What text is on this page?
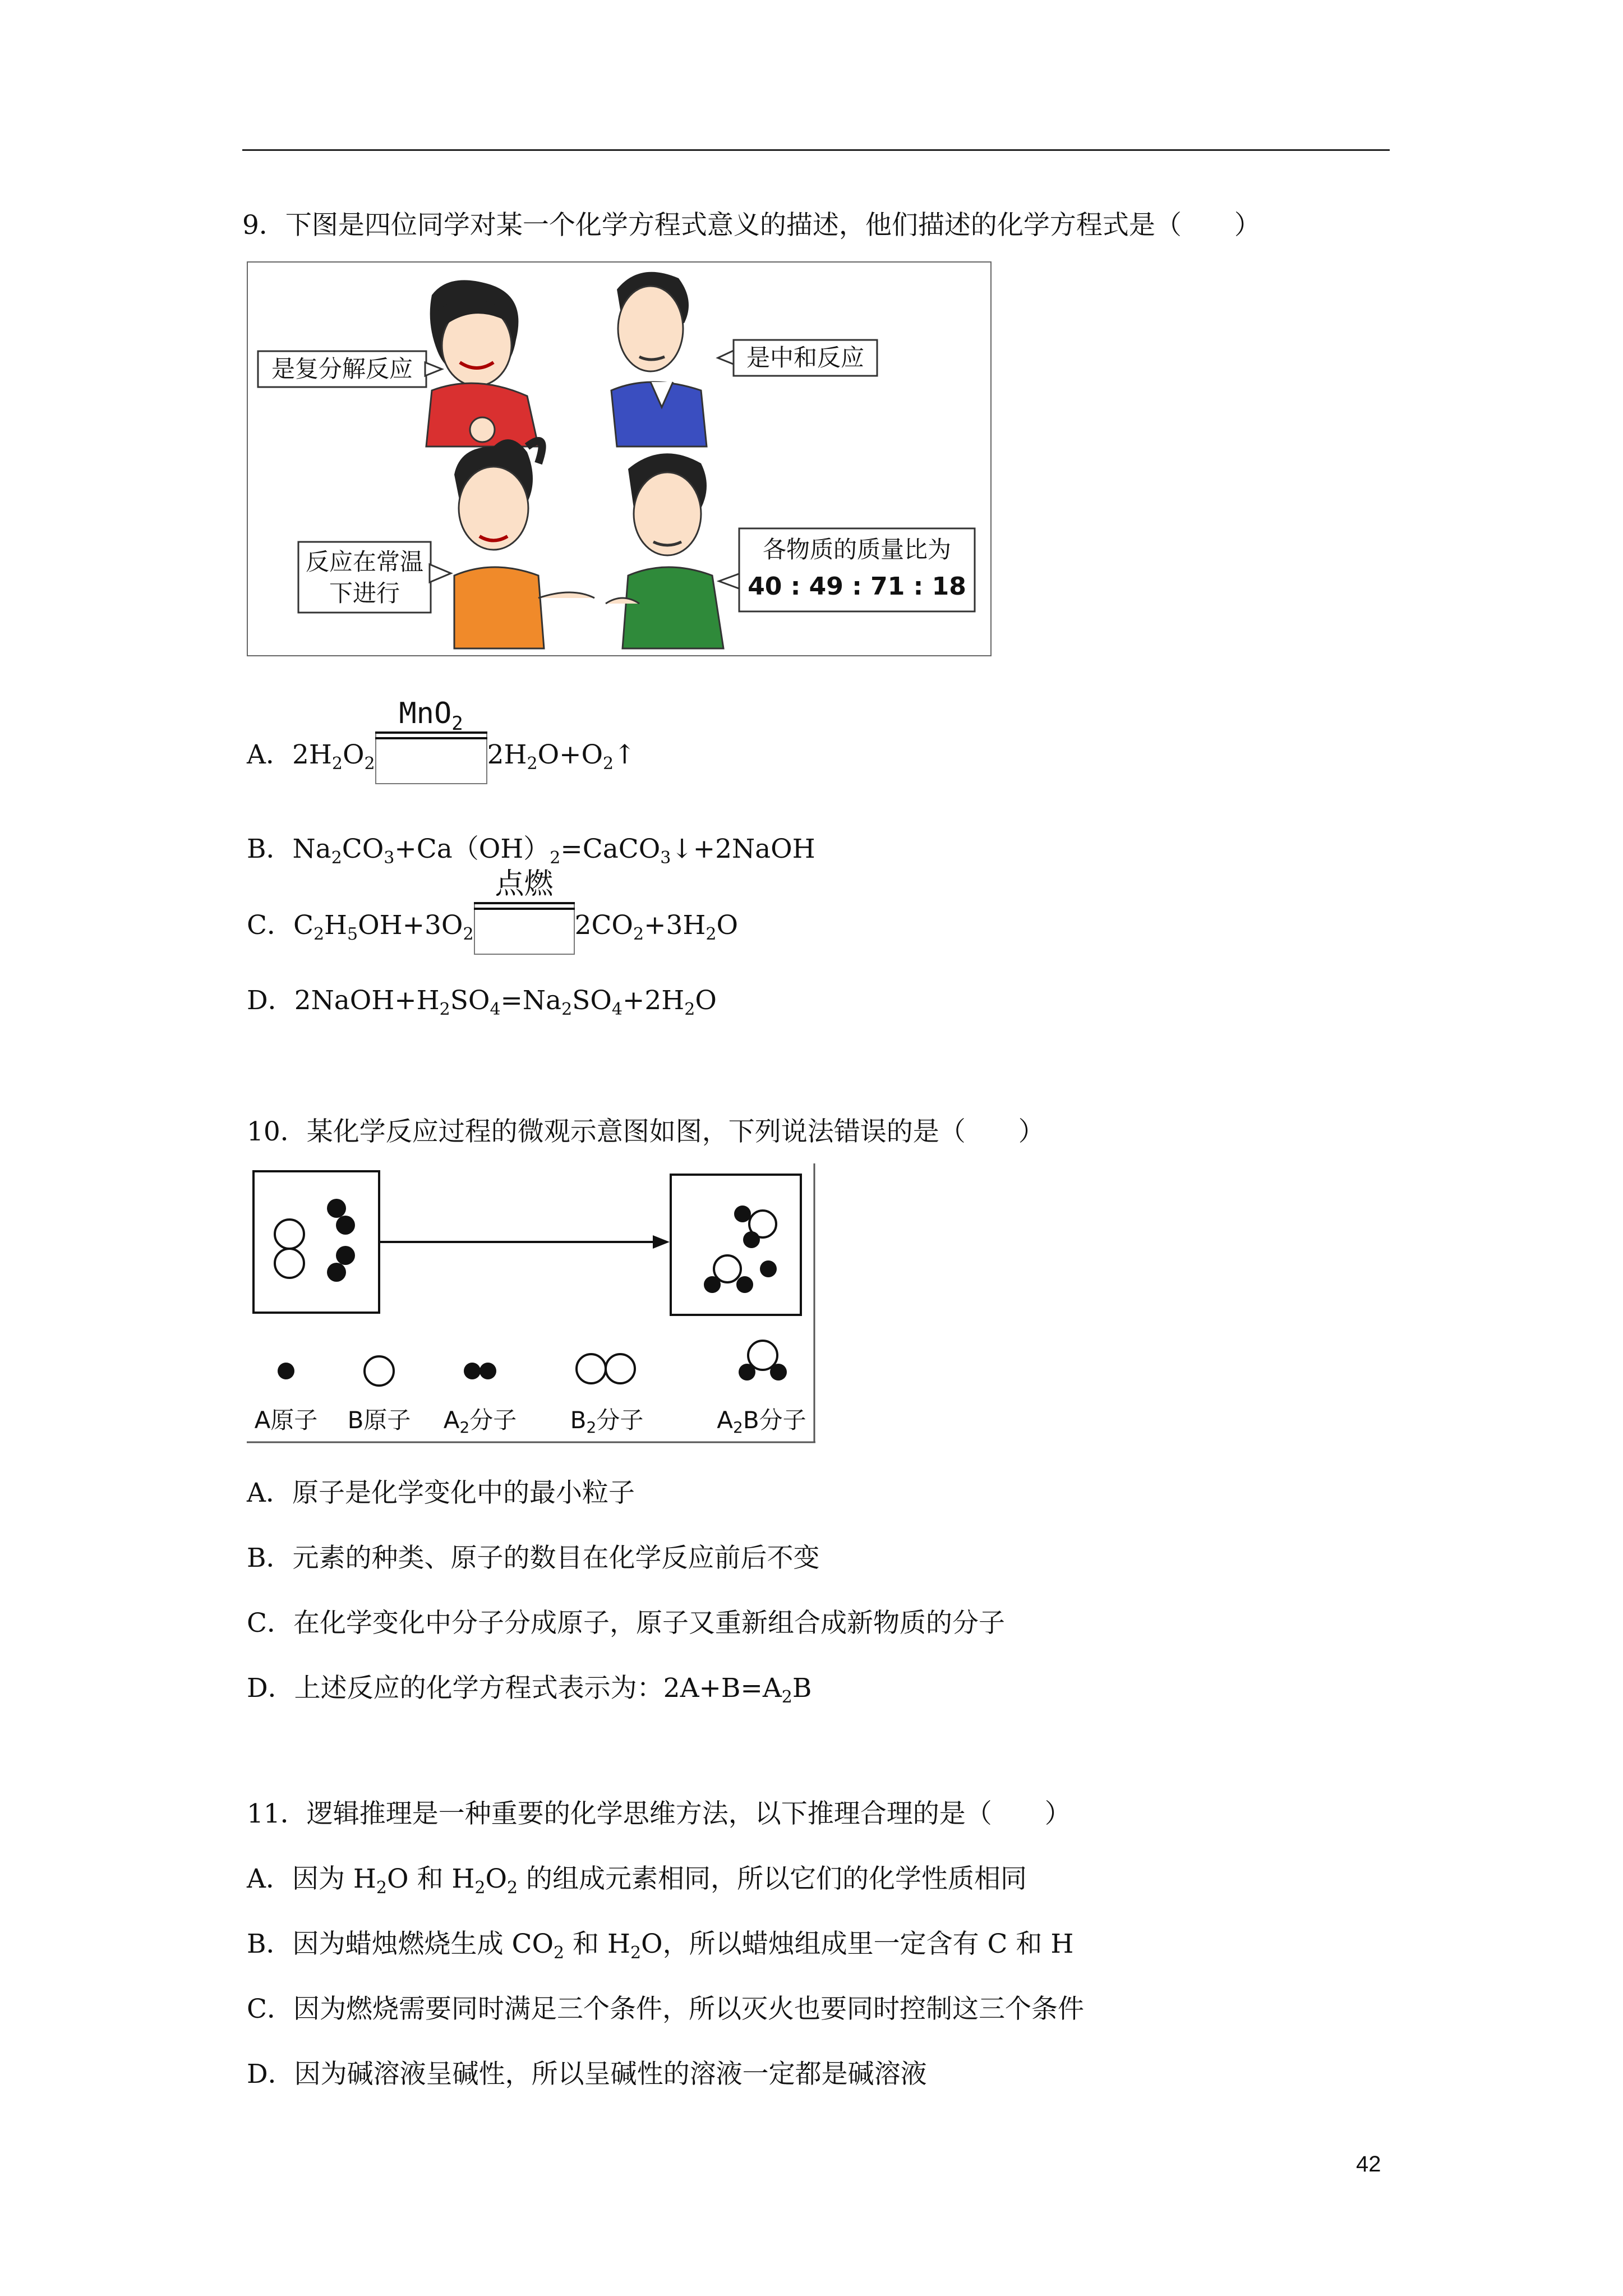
9．下图是四位同学对某一个化学方程式意义的描述，他们描述的化学方程式是（　　）
是复分解反应	是中和反应
反应在常温
下进行
各物质的质量比为
40 : 49 : 71 : 18
A．$2H_2O_2$
MnO$_2$
$2H_2O+O_2↑$
B．$Na_2CO_3+Ca(OH)_2=CaCO_3↓+2NaOH$
C．$C_2H_5OH+3O_2$
点燃
$2CO_2+3H_2O$
D．$2NaOH+H_2SO_4=Na_2SO_4+2H_2O$
10．某化学反应过程的微观示意图如图，下列说法错误的是（　　）
A原子 B原子 A2分子 B2分子	A2B分子
A．原子是化学变化中的最小粒子
B．元素的种类、原子的数目在化学反应前后不变
C．在化学变化中分子分成原子，原子又重新组合成新物质的分子
D．上述反应的化学方程式表示为：$2A+B=A_2B$
11．逻辑推理是一种重要的化学思维方法，以下推理合理的是（　　）
A．因为 $H_2O$ 和 $H_2O_2$ 的组成元素相同，所以它们的化学性质相同
B．因为蜡烛燃烧生成 $CO_2$ 和 $H_2O$，所以蜡烛组成里一定含有 C 和 H
C．因为燃烧需要同时满足三个条件，所以灭火也要同时控制这三个条件
D．因为碱溶液呈碱性，所以呈碱性的溶液一定都是碱溶液
42
